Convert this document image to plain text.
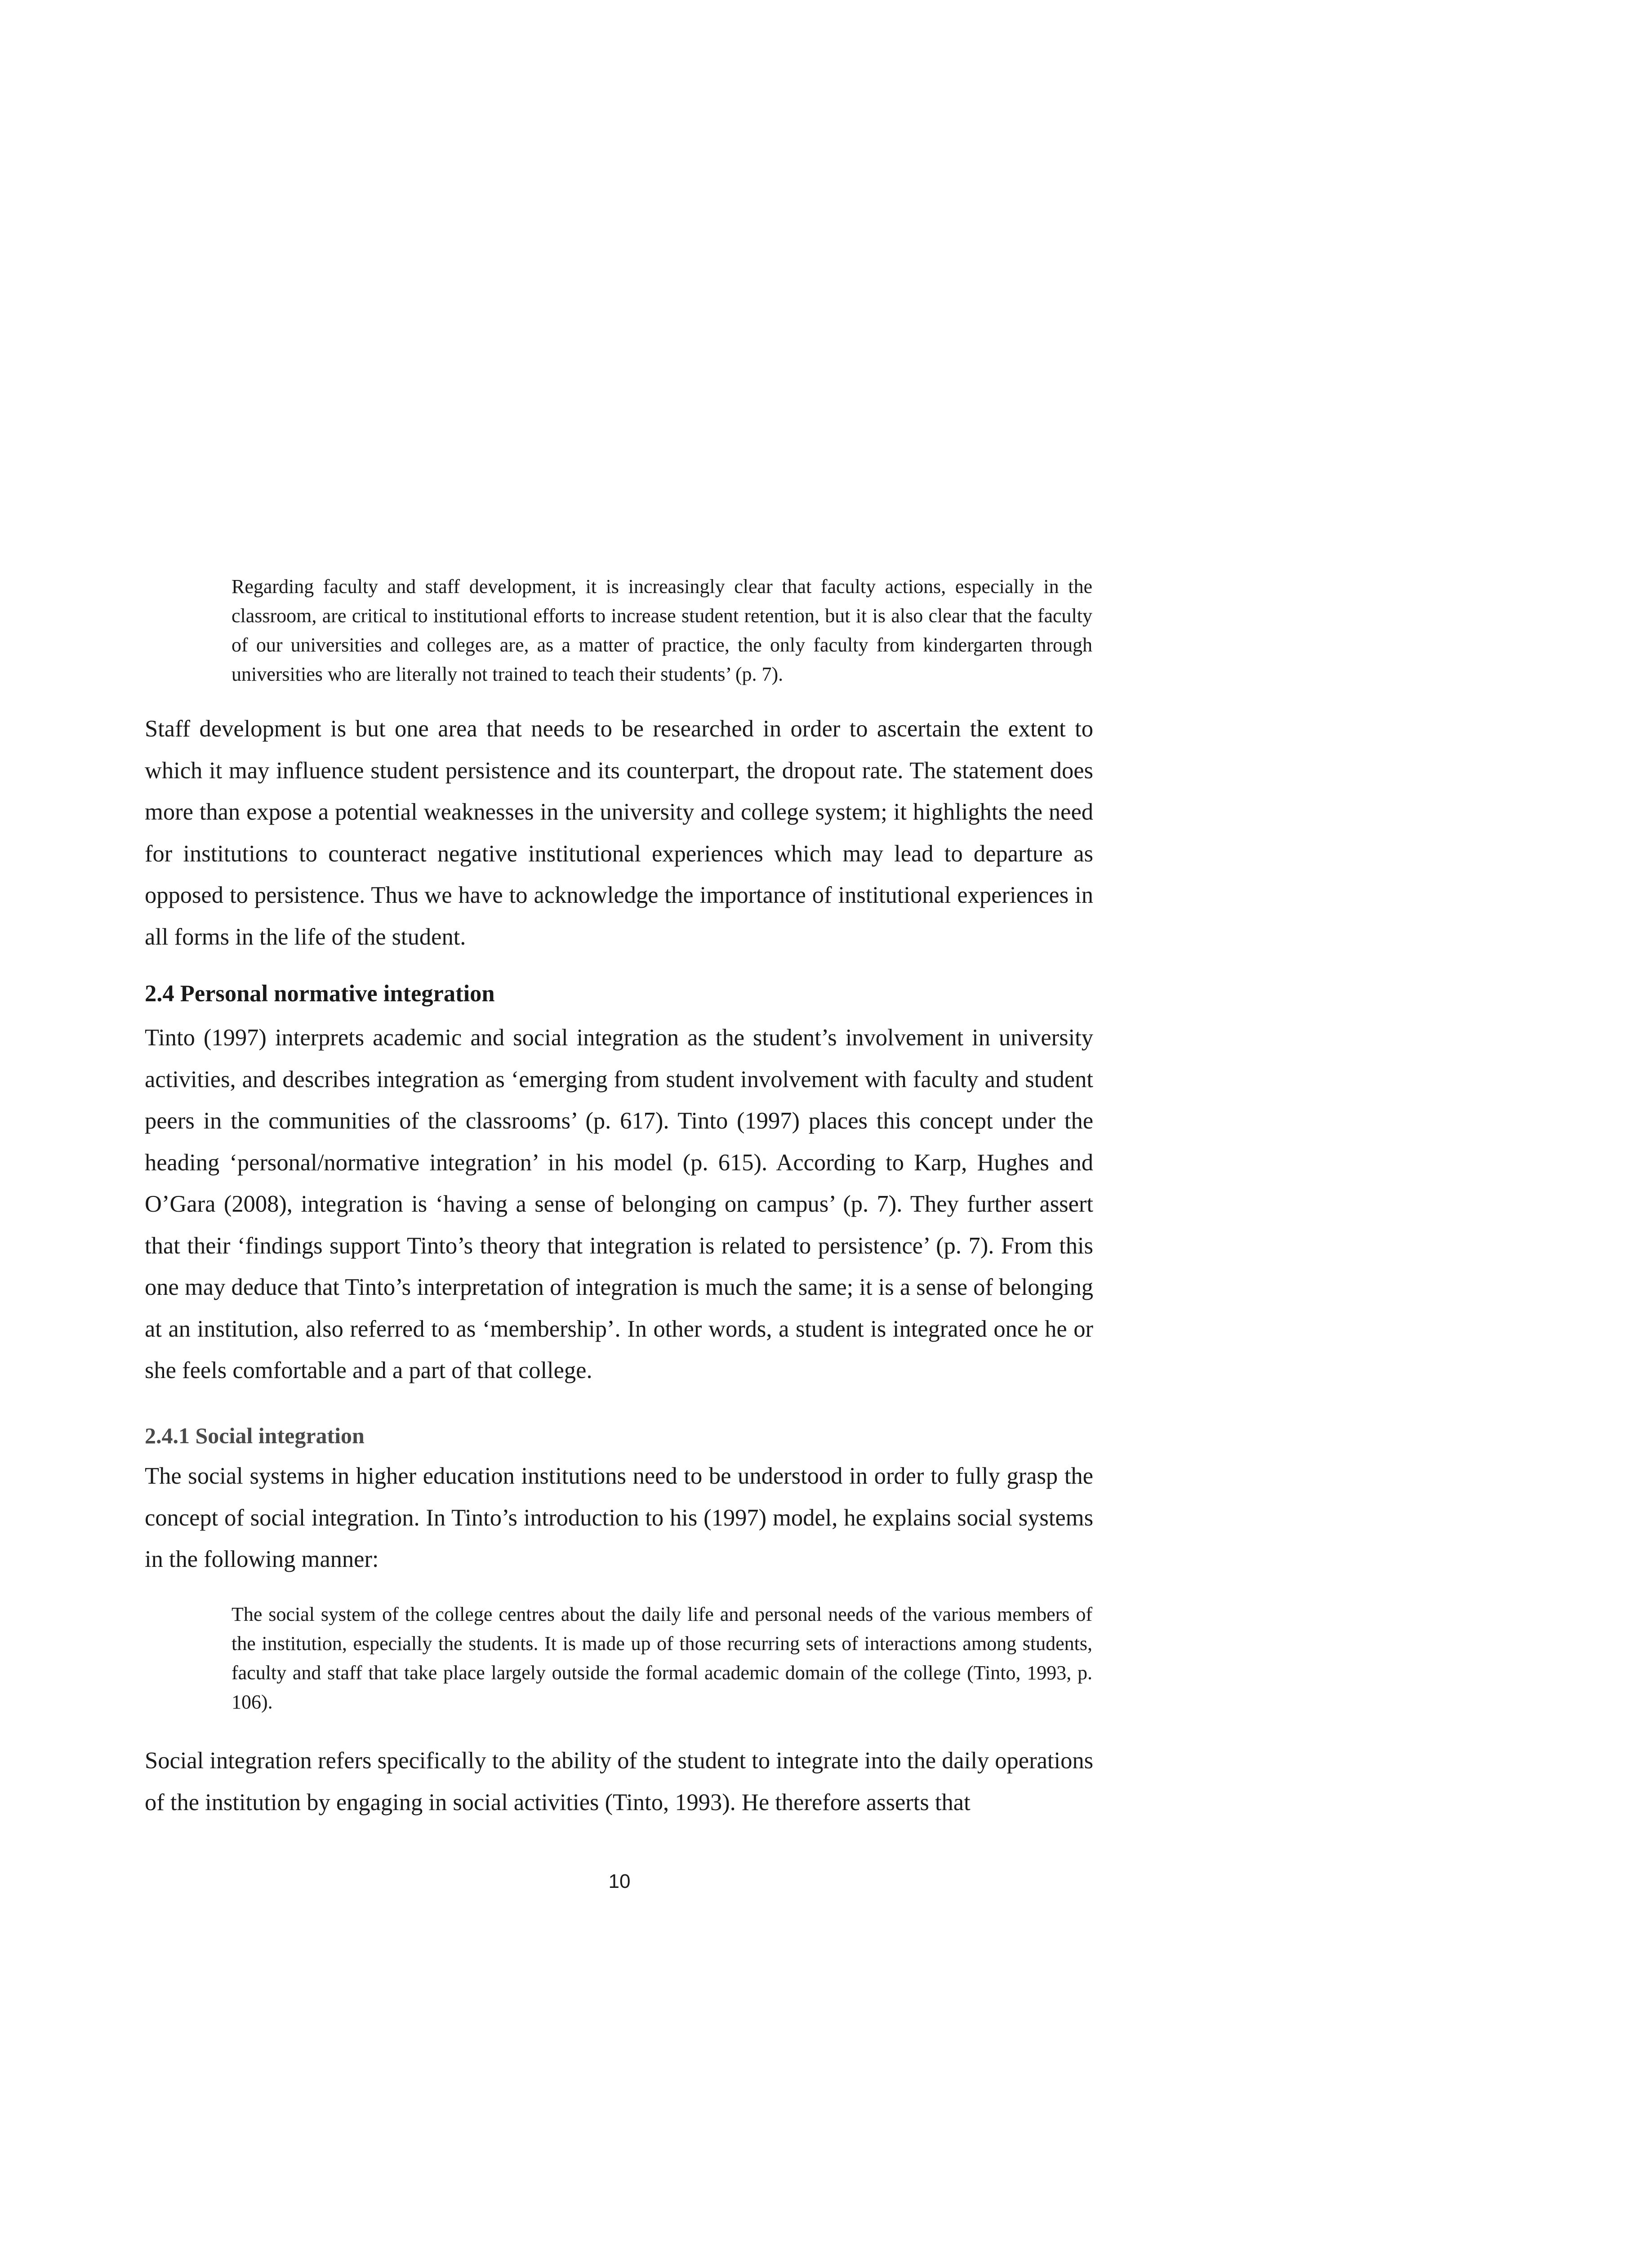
Regarding faculty and staff development, it is increasingly clear that faculty actions, especially in the classroom, are critical to institutional efforts to increase student retention, but it is also clear that the faculty of our universities and colleges are, as a matter of practice, the only faculty from kindergarten through universities who are literally not trained to teach their students’ (p. 7).

Staff development is but one area that needs to be researched in order to ascertain the extent to which it may influence student persistence and its counterpart, the dropout rate. The statement does more than expose a potential weaknesses in the university and college system; it highlights the need for institutions to counteract negative institutional experiences which may lead to departure as opposed to persistence. Thus we have to acknowledge the importance of institutional experiences in all forms in the life of the student.

2.4 Personal normative integration

Tinto (1997) interprets academic and social integration as the student’s involvement in university activities, and describes integration as ‘emerging from student involvement with faculty and student peers in the communities of the classrooms’ (p. 617). Tinto (1997) places this concept under the heading ‘personal/normative integration’ in his model (p. 615). According to Karp, Hughes and O’Gara (2008), integration is ‘having a sense of belonging on campus’ (p. 7). They further assert that their ‘findings support Tinto’s theory that integration is related to persistence’ (p. 7). From this one may deduce that Tinto’s interpretation of integration is much the same; it is a sense of belonging at an institution, also referred to as ‘membership’. In other words, a student is integrated once he or she feels comfortable and a part of that college.

2.4.1 Social integration

The social systems in higher education institutions need to be understood in order to fully grasp the concept of social integration. In Tinto’s introduction to his (1997) model, he explains social systems in the following manner:

The social system of the college centres about the daily life and personal needs of the various members of the institution, especially the students. It is made up of those recurring sets of interactions among students, faculty and staff that take place largely outside the formal academic domain of the college (Tinto, 1993, p. 106).

Social integration refers specifically to the ability of the student to integrate into the daily operations of the institution by engaging in social activities (Tinto, 1993). He therefore asserts that

10
